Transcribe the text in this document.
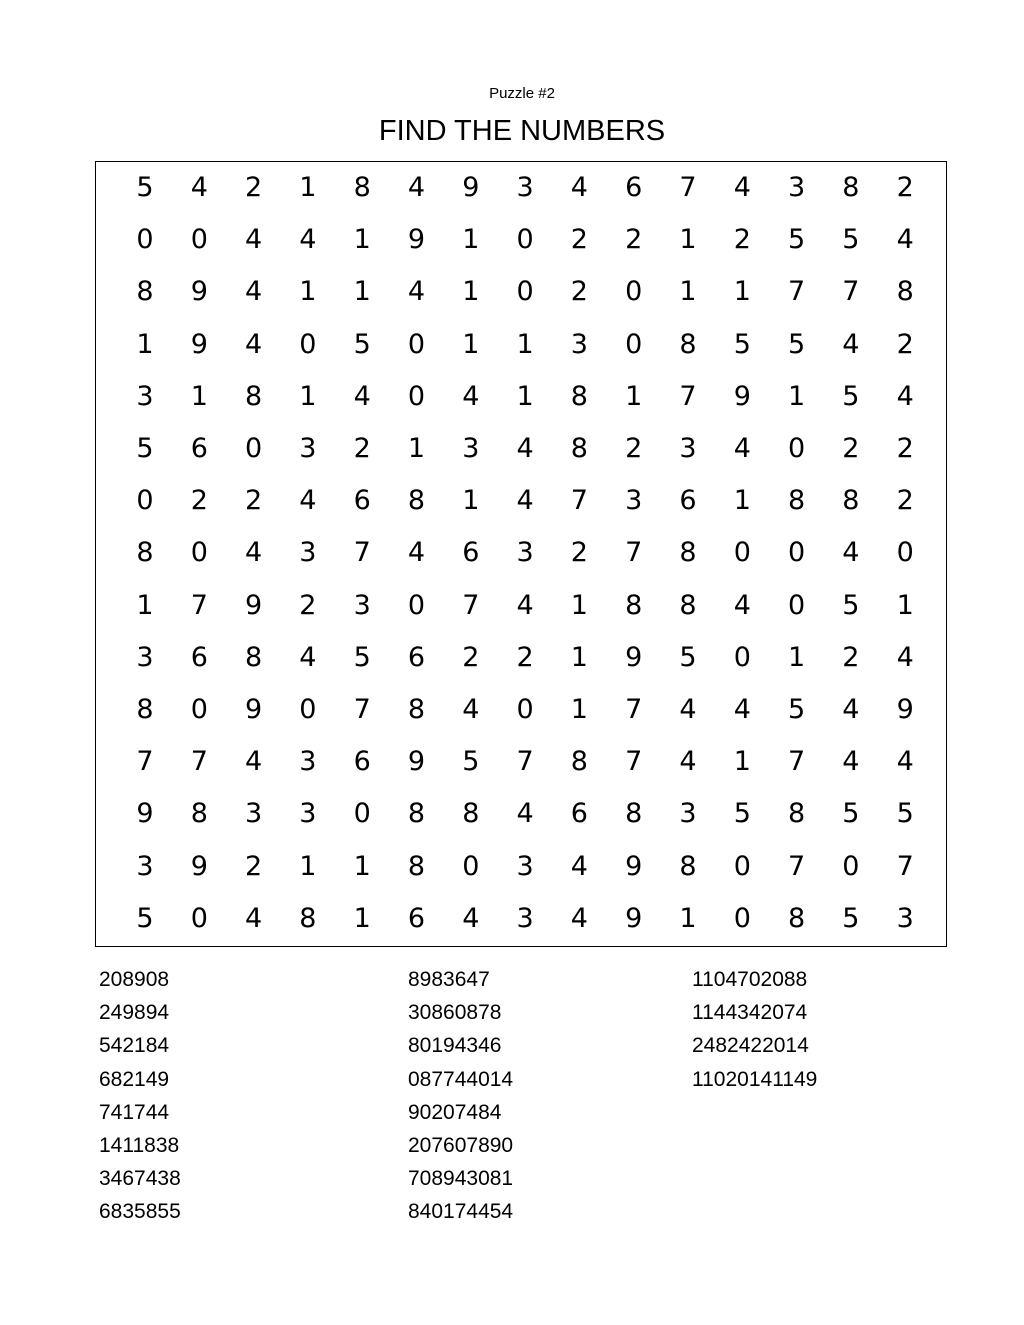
Puzzle #2
FIND THE NUMBERS
5	4	2	1	8	4	9	3	4	6	7	4	3	8	2
0	0	4	4	1	9	1	0	2	2	1	2	5	5	4
8	9	4	1	1	4	1	0	2	0	1	1	7	7	8
1	9	4	0	5	0	1	1	3	0	8	5	5	4	2
3	1	8	1	4	0	4	1	8	1	7	9	1	5	4
5	6	0	3	2	1	3	4	8	2	3	4	0	2	2
0	2	2	4	6	8	1	4	7	3	6	1	8	8	2
8	0	4	3	7	4	6	3	2	7	8	0	0	4	0
1	7	9	2	3	0	7	4	1	8	8	4	0	5	1
3	6	8	4	5	6	2	2	1	9	5	0	1	2	4
8	0	9	0	7	8	4	0	1	7	4	4	5	4	9
7	7	4	3	6	9	5	7	8	7	4	1	7	4	4
9	8	3	3	0	8	8	4	6	8	3	5	8	5	5
3	9	2	1	1	8	0	3	4	9	8	0	7	0	7
5	0	4	8	1	6	4	3	4	9	1	0	8	5	3
208908
249894
542184
682149
741744
1411838
3467438
6835855
8983647
30860878
80194346
087744014
90207484
207607890
708943081
840174454
1104702088
1144342074
2482422014
11020141149
